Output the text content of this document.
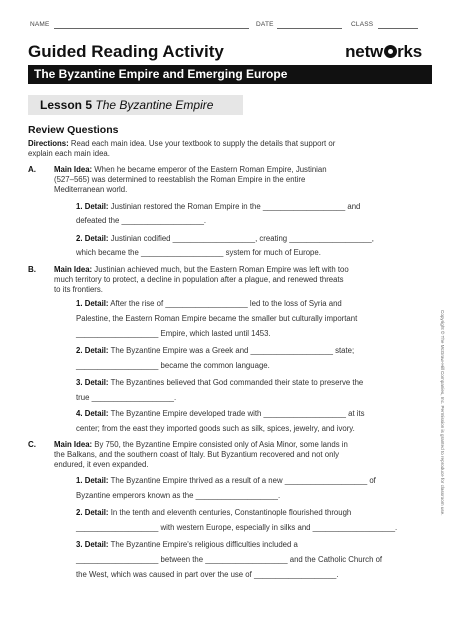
NAME	DATE	CLASS
Guided Reading Activity	netw rks
The Byzantine Empire and Emerging Europe
Lesson 5 The Byzantine Empire
Review Questions
Directions: Read each main idea. Use your textbook to supply the details that support or
explain each main idea.
A. Main Idea: When he became emperor of the Eastern Roman Empire, Justinian
(527–565) was determined to reestablish the Roman Empire in the entire
Mediterranean world.
1. Detail: Justinian restored the Roman Empire in the ___________________ and
defeated the ___________________.
2. Detail: Justinian codified ___________________, creating ___________________,
which became the ___________________ system for much of Europe.
B. Main Idea: Justinian achieved much, but the Eastern Roman Empire was left with too
much territory to protect, a decline in population after a plague, and renewed threats
to its frontiers.
1. Detail: After the rise of ___________________ led to the loss of Syria and
Palestine, the Eastern Roman Empire became the smaller but culturally important
___________________ Empire, which lasted until 1453.
2. Detail: The Byzantine Empire was a Greek and ___________________ state;
___________________ became the common language.
3. Detail: The Byzantines believed that God commanded their state to preserve the
true ___________________.
4. Detail: The Byzantine Empire developed trade with ___________________ at its
center; from the east they imported goods such as silk, spices, jewelry, and ivory.
C. Main Idea: By 750, the Byzantine Empire consisted only of Asia Minor, some lands in
the Balkans, and the southern coast of Italy. But Byzantium recovered and not only
endured, it even expanded.
1. Detail: The Byzantine Empire thrived as a result of a new ___________________ of
Byzantine emperors known as the ___________________.
2. Detail: In the tenth and eleventh centuries, Constantinople flourished through
___________________ with western Europe, especially in silks and ___________________.
3. Detail: The Byzantine Empire's religious difficulties included a
___________________ between the ___________________ and the Catholic Church of
the West, which was caused in part over the use of ___________________.
Copyright © The McGraw-Hill Companies, Inc. Permission is granted to reproduce for classroom use.
